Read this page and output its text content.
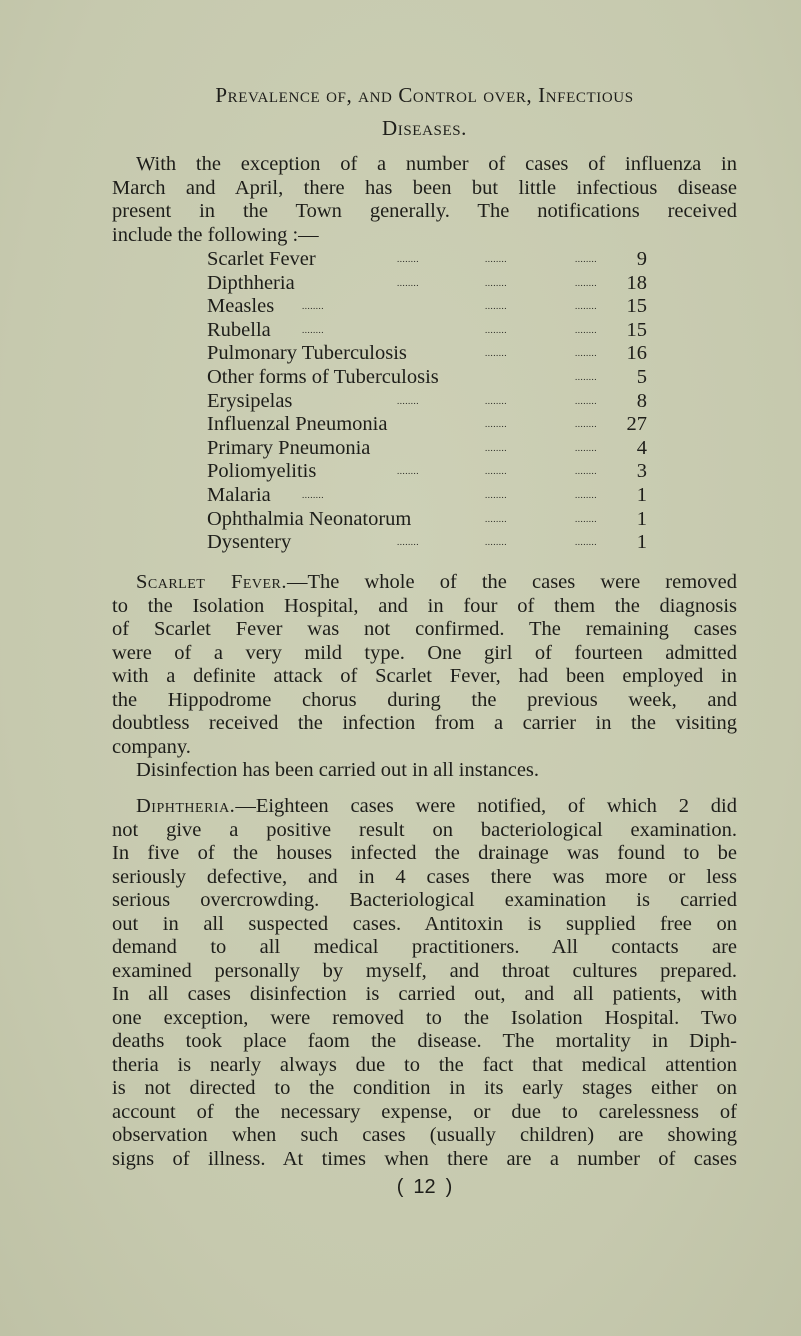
Prevalence of, and Control over, Infectious
Diseases.
With the exception of a number of cases of influenza in
March and April, there has been but little infectious disease
present in the Town generally. The notifications received
include the following :—
Scarlet Fever	........	........	........ 9
Dipthheria	........	........	........ 18
Measles	........	........	........ 15
Rubella	........	........	........ 15
Pulmonary Tuberculosis	........	........ 16
Other forms of Tuberculosis	........ 5
Erysipelas	........	........	........ 8
Influenzal Pneumonia	........	........ 27
Primary Pneumonia	........	........ 4
Poliomyelitis	........	........	........ 3
Malaria	........	........	........ 1
Ophthalmia Neonatorum	........	........ 1
Dysentery	........	........	........ 1
Scarlet Fever.—The whole of the cases were removed
to the Isolation Hospital, and in four of them the diagnosis
of Scarlet Fever was not confirmed. The remaining cases
were of a very mild type. One girl of fourteen admitted
with a definite attack of Scarlet Fever, had been employed in
the Hippodrome chorus during the previous week, and
doubtless received the infection from a carrier in the visiting
company.
Disinfection has been carried out in all instances.
Diphtheria.—Eighteen cases were notified, of which 2 did
not give a positive result on bacteriological examination.
In five of the houses infected the drainage was found to be
seriously defective, and in 4 cases there was more or less
serious overcrowding. Bacteriological examination is carried
out in all suspected cases. Antitoxin is supplied free on
demand to all medical practitioners. All contacts are
examined personally by myself, and throat cultures prepared.
In all cases disinfection is carried out, and all patients, with
one exception, were removed to the Isolation Hospital. Two
deaths took place faom the disease. The mortality in Diph-
theria is nearly always due to the fact that medical attention
is not directed to the condition in its early stages either on
account of the necessary expense, or due to carelessness of
observation when such cases (usually children) are showing
signs of illness. At times when there are a number of cases
( 12 )
